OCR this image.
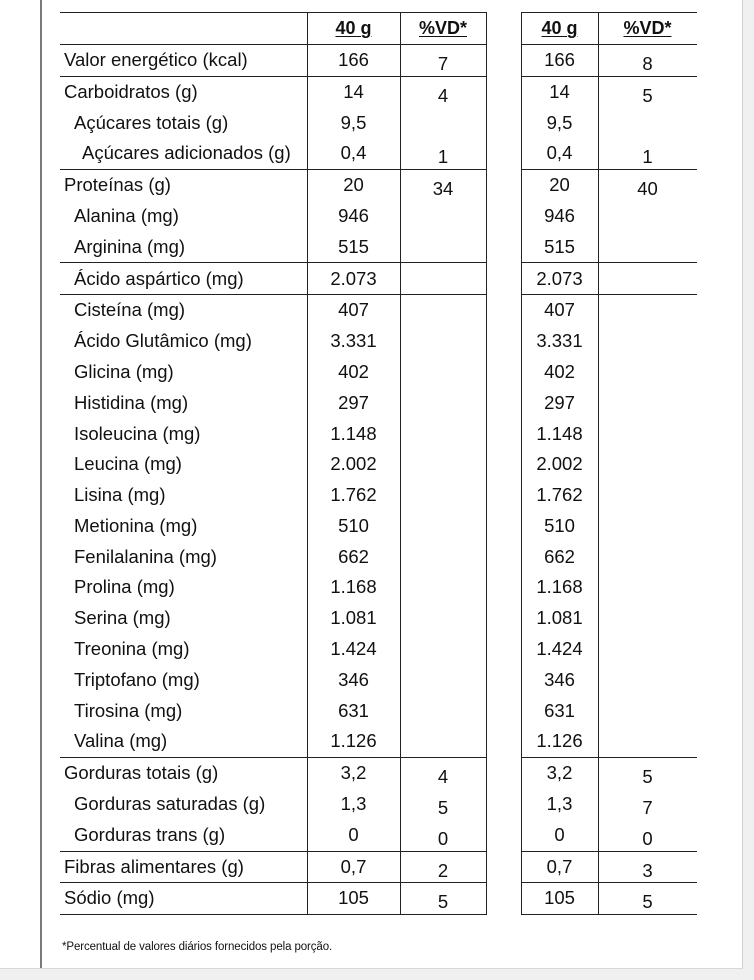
	40 g	%VD*		40 g	%VD*
Valor energético (kcal)	166	7		166	8
Carboidratos (g)	14	4		14	5
Açúcares totais (g)	9,5			9,5	
Açúcares adicionados (g)	0,4	1		0,4	1
Proteínas (g)	20	34		20	40
Alanina (mg)	946			946	
Arginina (mg)	515			515	
Ácido aspártico (mg)	2.073			2.073	
Cisteína (mg)	407			407	
Ácido Glutâmico (mg)	3.331			3.331	
Glicina (mg)	402			402	
Histidina (mg)	297			297	
Isoleucina (mg)	1.148			1.148	
Leucina (mg)	2.002			2.002	
Lisina (mg)	1.762			1.762	
Metionina (mg)	510			510	
Fenilalanina (mg)	662			662	
Prolina (mg)	1.168			1.168	
Serina (mg)	1.081			1.081	
Treonina (mg)	1.424			1.424	
Triptofano (mg)	346			346	
Tirosina (mg)	631			631	
Valina (mg)	1.126			1.126	
Gorduras totais (g)	3,2	4		3,2	5
Gorduras saturadas (g)	1,3	5		1,3	7
Gorduras trans (g)	0	0		0	0
Fibras alimentares (g)	0,7	2		0,7	3
Sódio (mg)	105	5		105	5
*Percentual de valores diários fornecidos pela porção.
